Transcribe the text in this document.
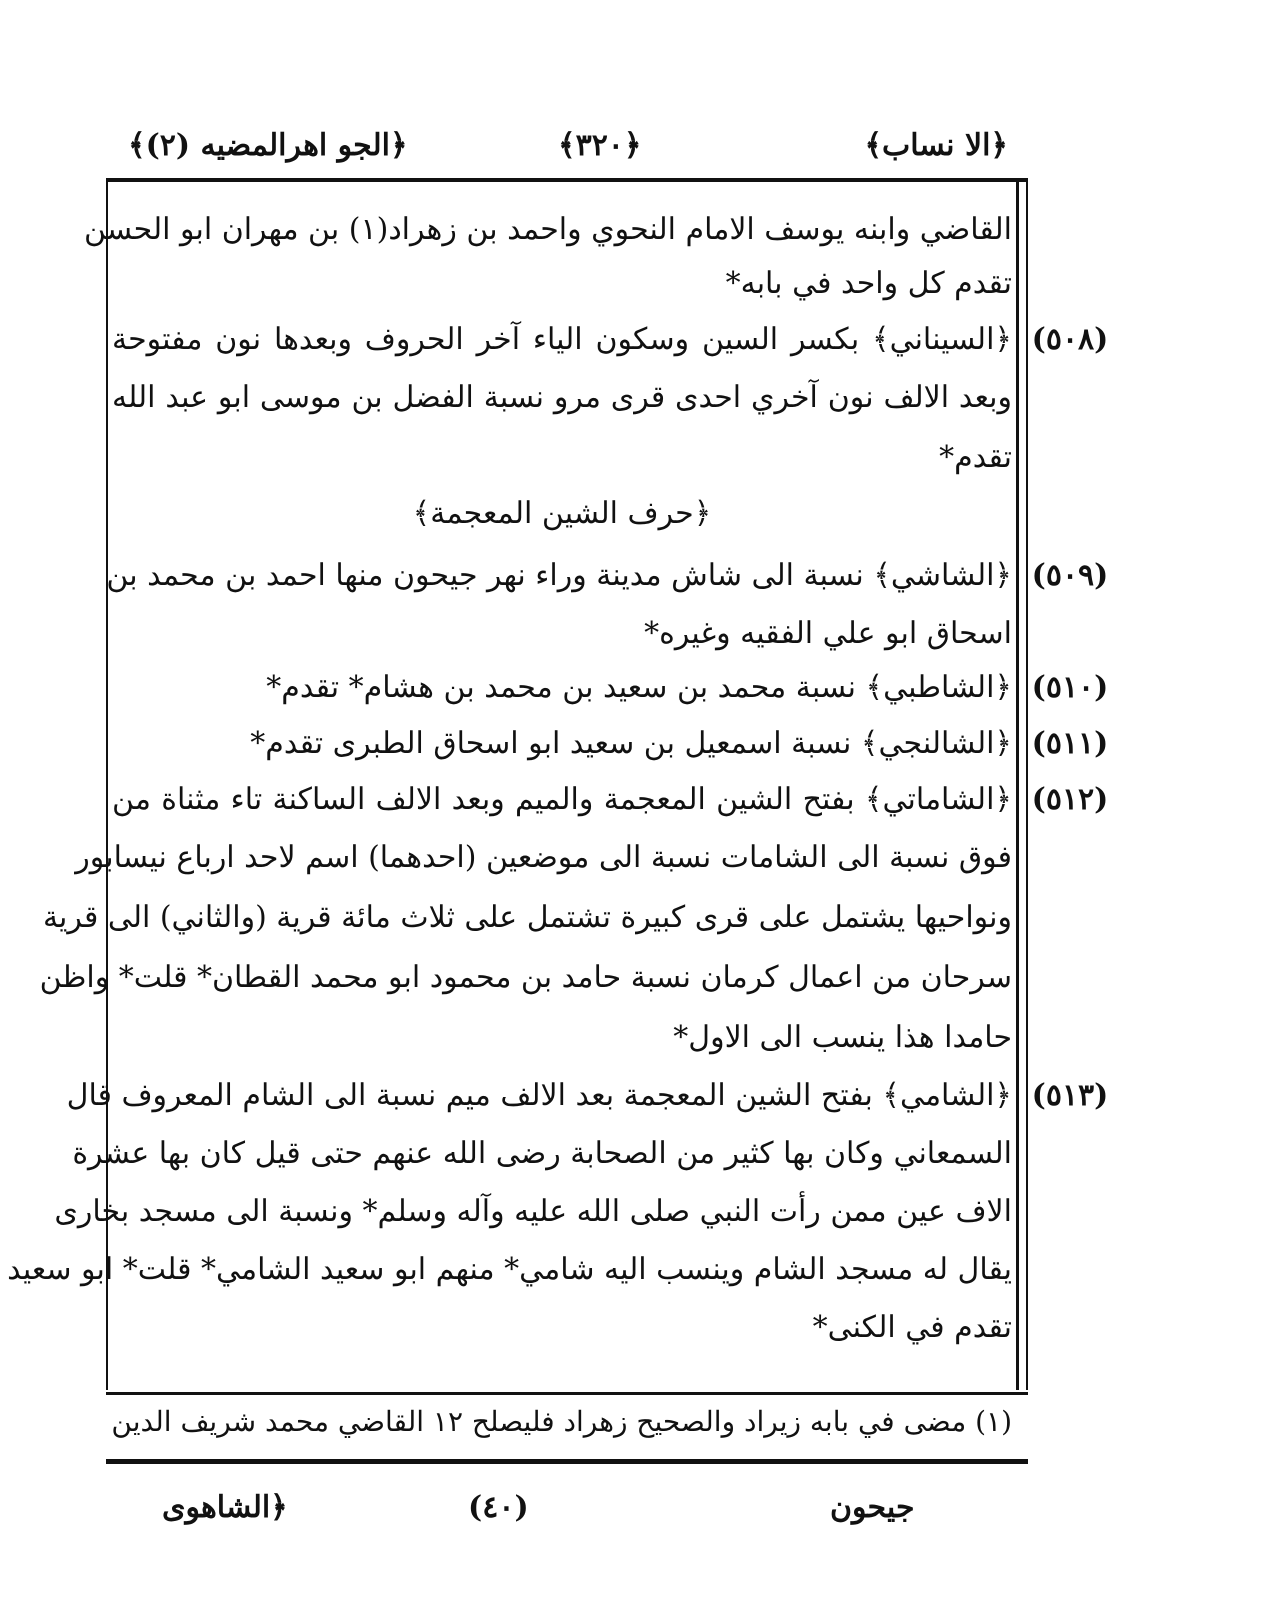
﴿الا نساب﴾
﴿٣٢٠﴾
﴿الجو اهرالمضيه (٢)﴾
القاضي وابنه يوسف الامام النحوي واحمد بن زهراد(١) بن مهران ابو الحسن
تقدم كل واحد في بابه*
(٥٠٨)
﴿السيناني﴾ بكسر السين وسكون الياء آخر الحروف وبعدها نون مفتوحة
وبعد الالف نون آخري احدى قرى مرو نسبة الفضل بن موسى ابو عبد الله
تقدم*
﴿حرف الشين المعجمة﴾
(٥٠٩)
﴿الشاشي﴾ نسبة الى شاش مدينة وراء نهر جيحون منها احمد بن محمد بن
اسحاق ابو علي الفقيه وغيره*
(٥١٠)
﴿الشاطبي﴾ نسبة محمد بن سعيد بن محمد بن هشام* تقدم*
(٥١١)
﴿الشالنجي﴾ نسبة اسمعيل بن سعيد ابو اسحاق الطبرى تقدم*
(٥١٢)
﴿الشاماتي﴾ بفتح الشين المعجمة والميم وبعد الالف الساكنة تاء مثناة من
فوق نسبة الى الشامات نسبة الى موضعين (احدهما) اسم لاحد ارباع نيسابور
ونواحيها يشتمل على قرى كبيرة تشتمل على ثلاث مائة قرية (والثاني) الى قرية
سرحان من اعمال كرمان نسبة حامد بن محمود ابو محمد القطان* قلت* واظن
حامدا هذا ينسب الى الاول*
(٥١٣)
﴿الشامي﴾ بفتح الشين المعجمة بعد الالف ميم نسبة الى الشام المعروف قال
السمعاني وكان بها كثير من الصحابة رضى الله عنهم حتى قيل كان بها عشرة
الاف عين ممن رأت النبي صلى الله عليه وآله وسلم* ونسبة الى مسجد بخارى
يقال له مسجد الشام وينسب اليه شامي* منهم ابو سعيد الشامي* قلت* ابو سعيد
تقدم في الكنى*
(١) مضى في بابه زيراد والصحيح زهراد فليصلح ١٢ القاضي محمد شريف الدين
جيحون
(٤٠)
﴿الشاهوى
